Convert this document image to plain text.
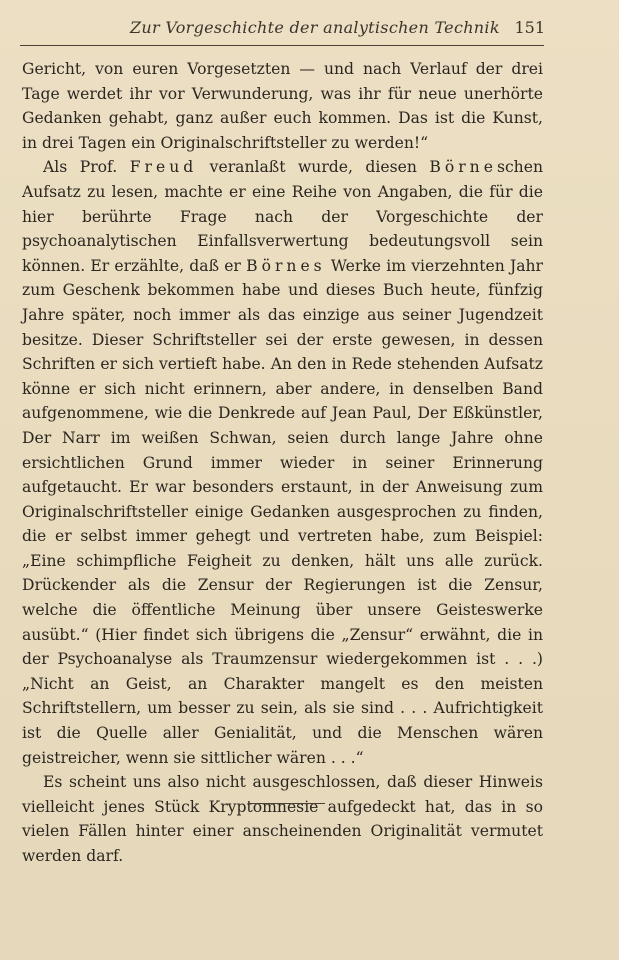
Zur Vorgeschichte der analytischen Technik 151

Gericht, von euren Vorgesetzten — und nach Verlauf der drei Tage werdet ihr vor Verwunderung, was ihr für neue unerhörte Gedanken gehabt, ganz außer euch kommen. Das ist die Kunst, in drei Tagen ein Originalschriftsteller zu werden!“

Als Prof. Freud veranlaßt wurde, diesen Börneschen Aufsatz zu lesen, machte er eine Reihe von Angaben, die für die hier berührte Frage nach der Vorgeschichte der psychoanalytischen Einfallsverwertung bedeutungsvoll sein können. Er erzählte, daß er Börnes Werke im vierzehnten Jahr zum Geschenk bekommen habe und dieses Buch heute, fünfzig Jahre später, noch immer als das einzige aus seiner Jugendzeit besitze. Dieser Schriftsteller sei der erste gewesen, in dessen Schriften er sich vertieft habe. An den in Rede stehenden Aufsatz könne er sich nicht erinnern, aber andere, in denselben Band aufgenommene, wie die Denkrede auf Jean Paul, Der Eßkünstler, Der Narr im weißen Schwan, seien durch lange Jahre ohne ersichtlichen Grund immer wieder in seiner Erinnerung aufgetaucht. Er war besonders erstaunt, in der Anweisung zum Originalschriftsteller einige Gedanken ausgesprochen zu finden, die er selbst immer gehegt und vertreten habe, zum Beispiel: „Eine schimpfliche Feigheit zu denken, hält uns alle zurück. Drückender als die Zensur der Regierungen ist die Zensur, welche die öffentliche Meinung über unsere Geisteswerke ausübt.“ (Hier findet sich übrigens die „Zensur“ erwähnt, die in der Psychoanalyse als Traumzensur wiedergekommen ist . . .) „Nicht an Geist, an Charakter mangelt es den meisten Schriftstellern, um besser zu sein, als sie sind . . . Aufrichtigkeit ist die Quelle aller Genialität, und die Menschen wären geistreicher, wenn sie sittlicher wären . . .“

Es scheint uns also nicht ausgeschlossen, daß dieser Hinweis vielleicht jenes Stück Kryptomnesie aufgedeckt hat, das in so vielen Fällen hinter einer anscheinenden Originalität vermutet werden darf.
